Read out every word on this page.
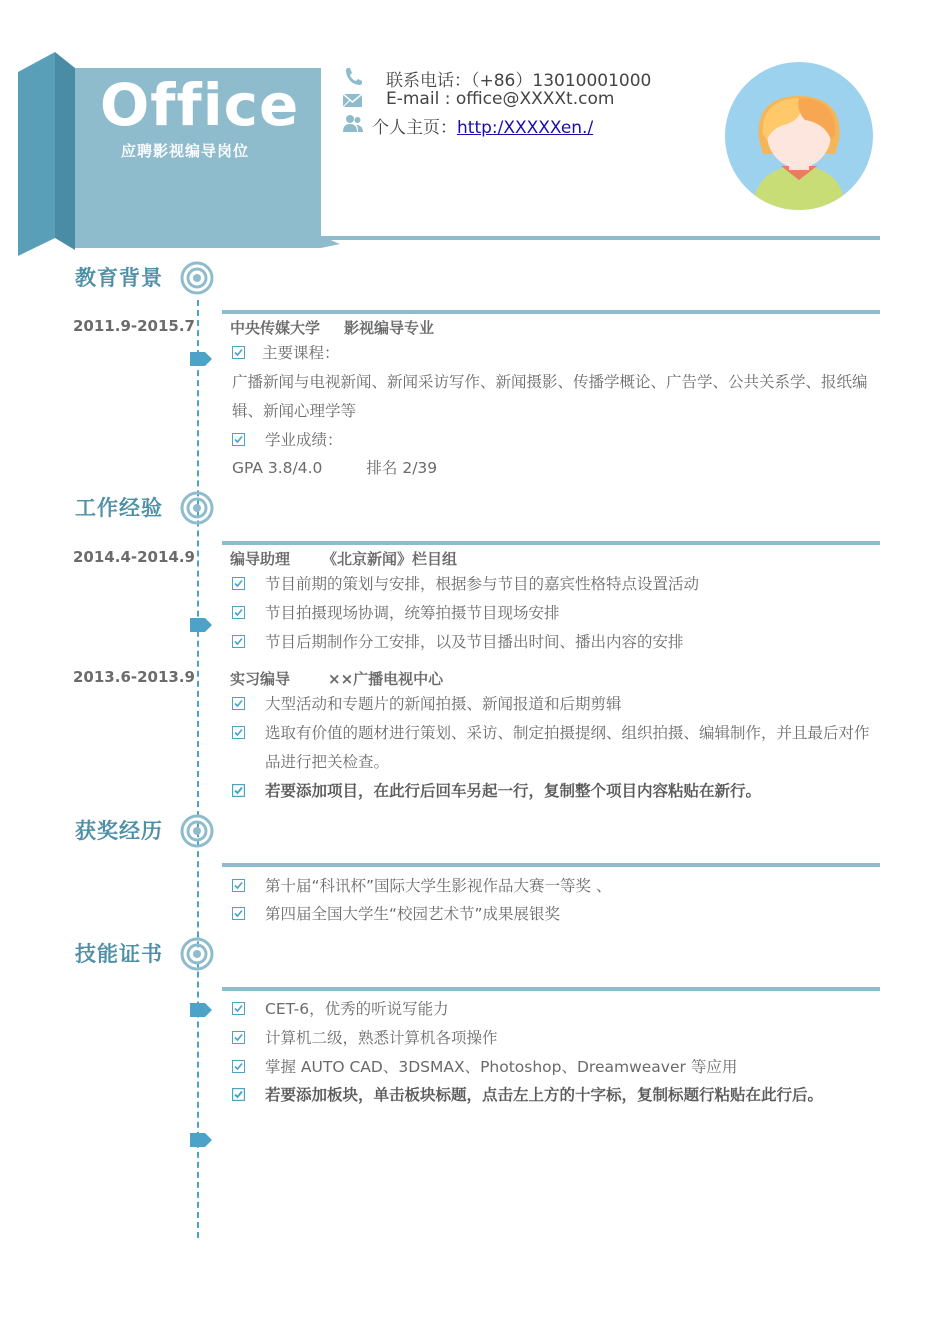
Office
应聘影视编导岗位
联系电话：（+86）13010001000
E-mail : office@XXXXt.com
个人主页：http:/XXXXXen./
教育背景
2011.9-2015.7 中央传媒大学 影视编导专业
主要课程：
广播新闻与电视新闻、新闻采访写作、新闻摄影、传播学概论、广告学、公共关系学、报纸编辑、新闻心理学等
学业成绩：
GPA 3.8/4.0	排名 2/39
工作经验
2014.4-2014.9 编导助理 《北京新闻》栏目组
节目前期的策划与安排，根据参与节目的嘉宾性格特点设置活动
节目拍摄现场协调，统筹拍摄节目现场安排
节目后期制作分工安排，以及节目播出时间、播出内容的安排
2013.6-2013.9 实习编导	××广播电视中心
大型活动和专题片的新闻拍摄、新闻报道和后期剪辑
选取有价值的题材进行策划、采访、制定拍摄提纲、组织拍摄、编辑制作，并且最后对作品进行把关检查。
若要添加项目，在此行后回车另起一行，复制整个项目内容粘贴在新行。
获奖经历
第十届“科讯杯”国际大学生影视作品大赛一等奖 、
第四届全国大学生“校园艺术节”成果展银奖
技能证书
CET-6，优秀的听说写能力
计算机二级，熟悉计算机各项操作
掌握 AUTO CAD、3DSMAX、Photoshop、Dreamweaver 等应用
若要添加板块，单击板块标题，点击左上方的十字标，复制标题行粘贴在此行后。
